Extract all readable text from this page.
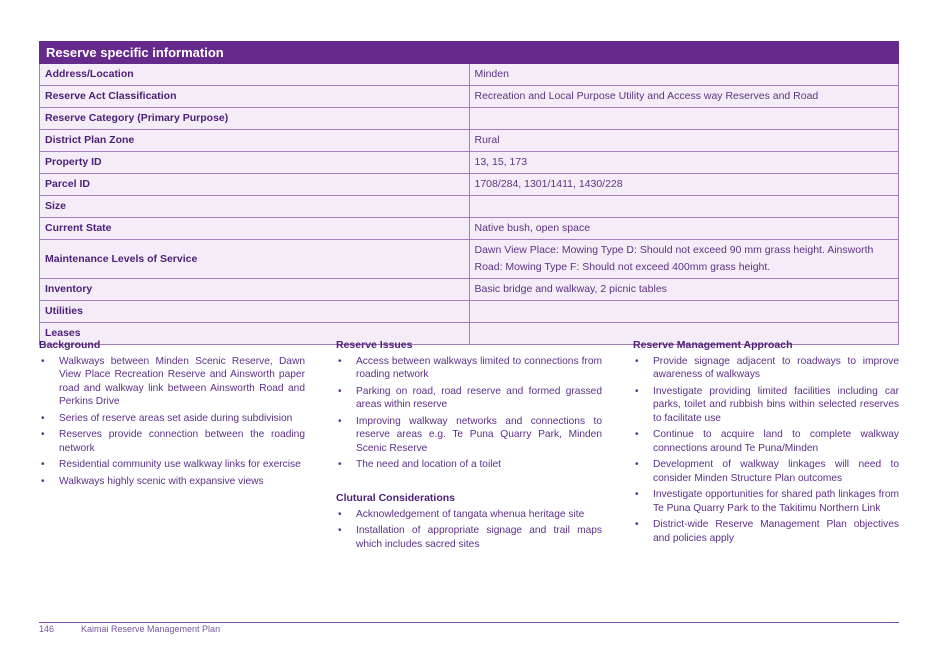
Reserve specific information	
Address/Location	Minden
Reserve Act Classification	Recreation and Local Purpose Utility and Access way Reserves and Road
Reserve Category (Primary Purpose)	
District Plan Zone	Rural
Property ID	13, 15, 173
Parcel ID	1708/284, 1301/1411, 1430/228
Size	
Current State	Native bush, open space
Maintenance Levels of Service	Dawn View Place: Mowing Type D: Should not exceed 90 mm grass height. Ainsworth Road: Mowing Type F: Should not exceed 400mm grass height.
Inventory	Basic bridge and walkway, 2 picnic tables
Utilities	
Leases	
Background
• Walkways between Minden Scenic Reserve, Dawn View Place Recreation Reserve and Ainsworth paper road and walkway link between Ainsworth Road and Perkins Drive
• Series of reserve areas set aside during subdivision
• Reserves provide connection between the roading network
• Residential community use walkway links for exercise
• Walkways highly scenic with expansive views
Reserve Issues
• Access between walkways limited to connections from roading network
• Parking on road, road reserve and formed grassed areas within reserve
• Improving walkway networks and connections to reserve areas e.g. Te Puna Quarry Park, Minden Scenic Reserve
• The need and location of a toilet
Clutural Considerations
• Acknowledgement of tangata whenua heritage site
• Installation of appropriate signage and trail maps which includes sacred sites
Reserve Management Approach
• Provide signage adjacent to roadways to improve awareness of walkways
• Investigate providing limited facilities including car parks, toilet and rubbish bins within selected reserves to facilitate use
• Continue to acquire land to complete walkway connections around Te Puna/Minden
• Development of walkway linkages will need to consider Minden Structure Plan outcomes
• Investigate opportunities for shared path linkages from Te Puna Quarry Park to the Takitimu Northern Link
• District-wide Reserve Management Plan objectives and policies apply
146	Kaimai Reserve Management Plan
